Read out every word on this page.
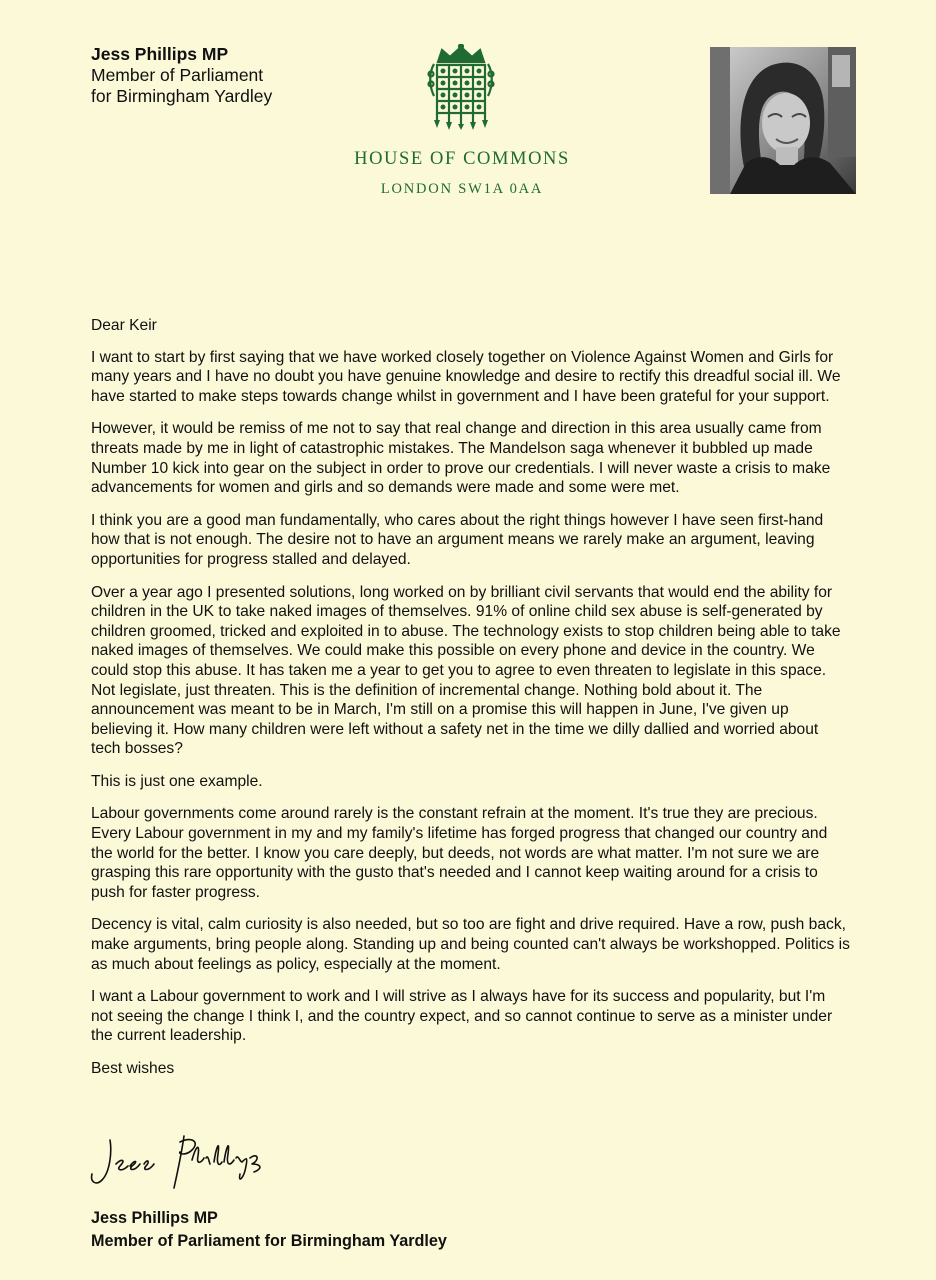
Jess Phillips MP
Member of Parliament
for Birmingham Yardley
HOUSE OF COMMONS
LONDON SW1A 0AA

Dear Keir

I want to start by first saying that we have worked closely together on Violence Against Women and Girls for many years and I have no doubt you have genuine knowledge and desire to rectify this dreadful social ill. We have started to make steps towards change whilst in government and I have been grateful for your support.

However, it would be remiss of me not to say that real change and direction in this area usually came from threats made by me in light of catastrophic mistakes. The Mandelson saga whenever it bubbled up made Number 10 kick into gear on the subject in order to prove our credentials. I will never waste a crisis to make advancements for women and girls and so demands were made and some were met.

I think you are a good man fundamentally, who cares about the right things however I have seen first-hand how that is not enough. The desire not to have an argument means we rarely make an argument, leaving opportunities for progress stalled and delayed.

Over a year ago I presented solutions, long worked on by brilliant civil servants that would end the ability for children in the UK to take naked images of themselves. 91% of online child sex abuse is self-generated by children groomed, tricked and exploited in to abuse. The technology exists to stop children being able to take naked images of themselves. We could make this possible on every phone and device in the country. We could stop this abuse. It has taken me a year to get you to agree to even threaten to legislate in this space. Not legislate, just threaten. This is the definition of incremental change. Nothing bold about it. The announcement was meant to be in March, I'm still on a promise this will happen in June, I've given up believing it. How many children were left without a safety net in the time we dilly dallied and worried about tech bosses?

This is just one example.

Labour governments come around rarely is the constant refrain at the moment. It's true they are precious. Every Labour government in my and my family's lifetime has forged progress that changed our country and the world for the better. I know you care deeply, but deeds, not words are what matter. I'm not sure we are grasping this rare opportunity with the gusto that's needed and I cannot keep waiting around for a crisis to push for faster progress.

Decency is vital, calm curiosity is also needed, but so too are fight and drive required. Have a row, push back, make arguments, bring people along. Standing up and being counted can't always be workshopped. Politics is as much about feelings as policy, especially at the moment.

I want a Labour government to work and I will strive as I always have for its success and popularity, but I'm not seeing the change I think I, and the country expect, and so cannot continue to serve as a minister under the current leadership.

Best wishes

Jess Phillips MP
Member of Parliament for Birmingham Yardley
